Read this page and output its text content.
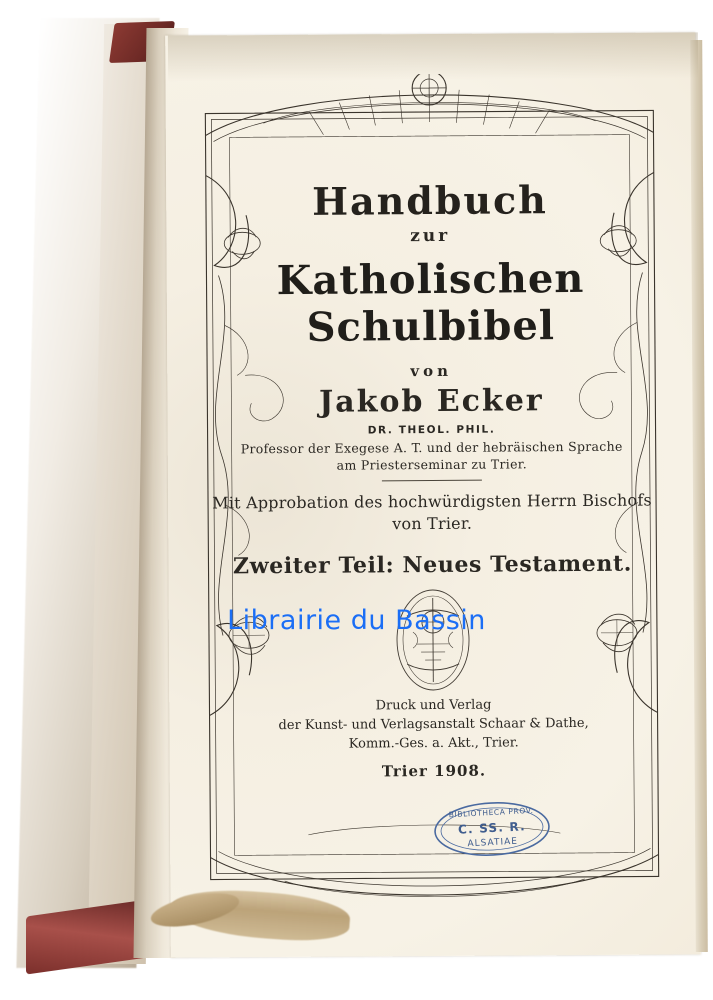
Handbuch
zur
Katholischen Schulbibel
von
Jakob Ecker
DR. THEOL. PHIL.
Professor der Exegese A. T. und der hebräischen Sprache
am Priesterseminar zu Trier.
Mit Approbation des hochwürdigsten Herrn Bischofs
von Trier.
Zweiter Teil: Neues Testament.
Druck und Verlag
der Kunst- und Verlagsanstalt Schaar & Dathe,
Komm.-Ges. a. Akt., Trier.
Trier 1908.
BIBLIOTHECA PROV.
C. SS. R.
ALSATIAE
Librairie du Bassin
